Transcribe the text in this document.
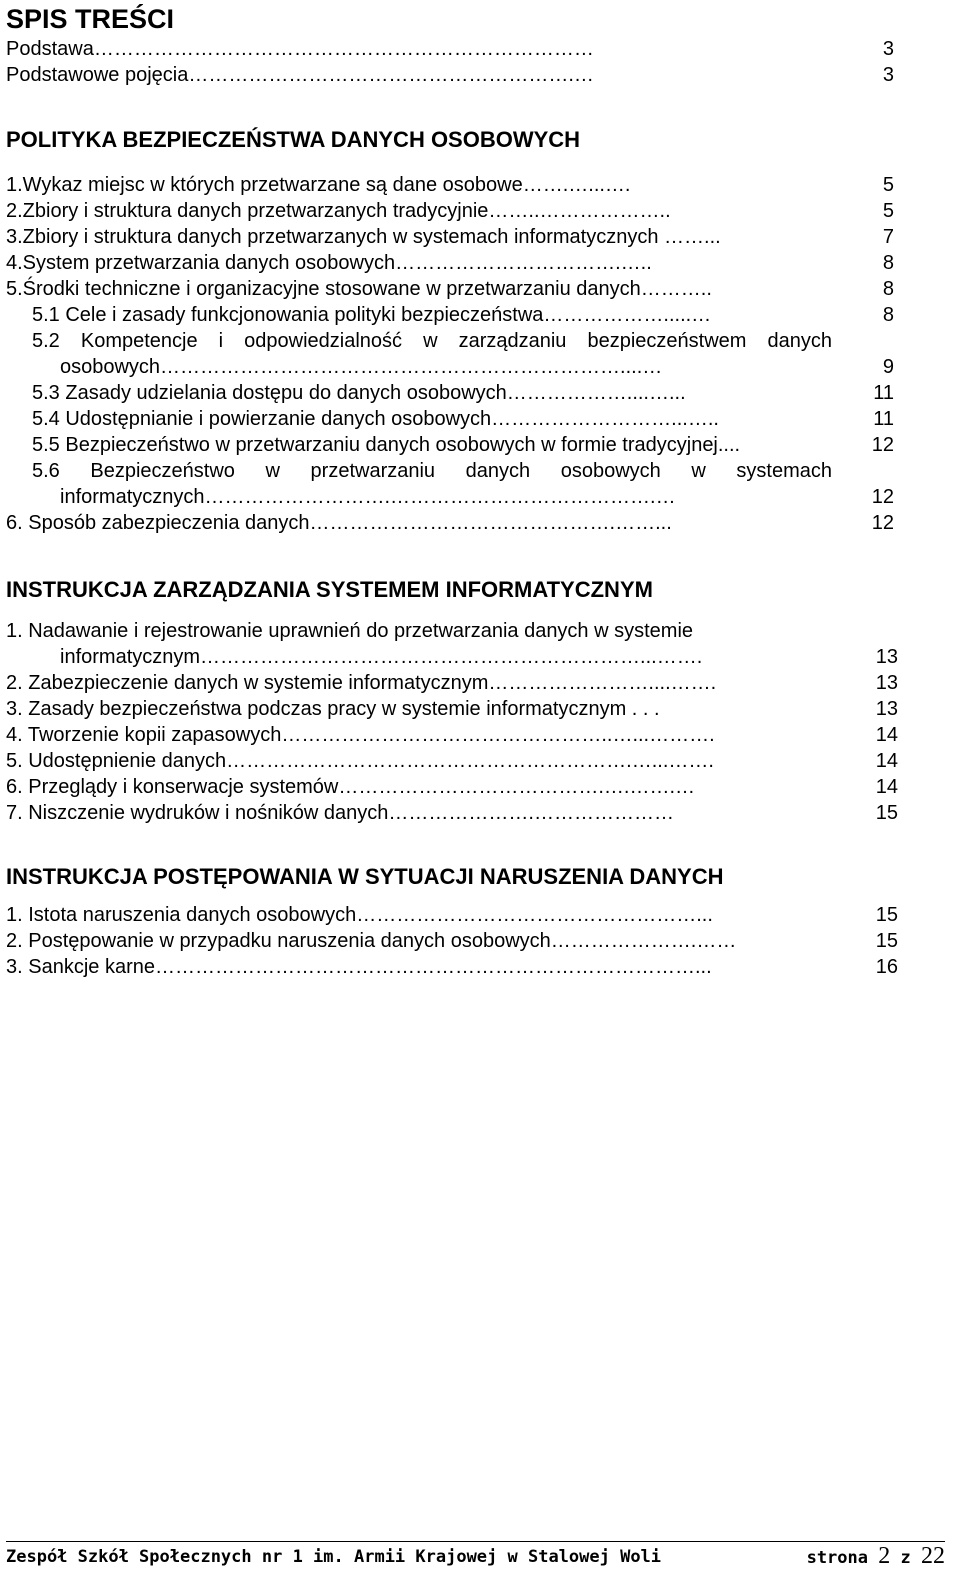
SPIS TREŚCI
Podstawa…………………………………………………………………	3
Podstawowe pojęcia………………………………………………….…	3
POLITYKA BEZPIECZEŃSTWA DANYCH OSOBOWYCH
1.Wykaz miejsc w których przetwarzane są dane osobowe…….…...….	5
2.Zbiory i struktura danych przetwarzanych tradycyjnie……..………………..	5
3.Zbiory i struktura danych przetwarzanych w systemach informatycznych ……...	7
4.System przetwarzania danych osobowych…………………………….…..	8
5.Środki techniczne i organizacyjne stosowane w przetwarzaniu danych………..	8
5.1 Cele i zasady funkcjonowania polityki bezpieczeństwa……………….....…	8
5.2 Kompetencje i odpowiedzialność w zarządzaniu bezpieczeństwem danych
osobowych……………………………………………………………....…	9
5.3 Zasady udzielania dostępu do danych osobowych………………....…...	11
5.4 Udostępnianie i powierzanie danych osobowych………………………...…..	11
5.5 Bezpieczeństwo w przetwarzaniu danych osobowych w formie tradycyjnej....	12
5.6 Bezpieczeństwo w przetwarzaniu danych osobowych w systemach
informatycznych……………………….………………………………….…	12
6. Sposób zabezpieczenia danych……………………………………….……...	12
INSTRUKCJA ZARZĄDZANIA SYSTEMEM INFORMATYCZNYM
1. Nadawanie i rejestrowanie uprawnień do przetwarzania danych w systemie
informatycznym…………………………………………………………...…….	13
2. Zabezpieczenie danych w systemie informatycznym……………………....…….	13
3. Zasady bezpieczeństwa podczas pracy w systemie informatycznym . . .	13
4. Tworzenie kopii zapasowych…………………………………………..…...……….	14
5. Udostępnienie danych…………………………………………………….…...…….	14
6. Przeglądy i konserwacje systemów………………………………….….…….…	14
7. Niszczenie wydruków i nośników danych………………….…………………	15
INSTRUKCJA POSTĘPOWANIA W SYTUACJI NARUSZENIA DANYCH
1. Istota naruszenia danych osobowych……………………………………………...	15
2. Postępowanie w przypadku naruszenia danych osobowych………………….……	15
3. Sankcje karne………………………………………………………………………...	16
Zespół Szkół Społecznych nr 1 im. Armii Krajowej w Stalowej Woli	strona 2 z 22
